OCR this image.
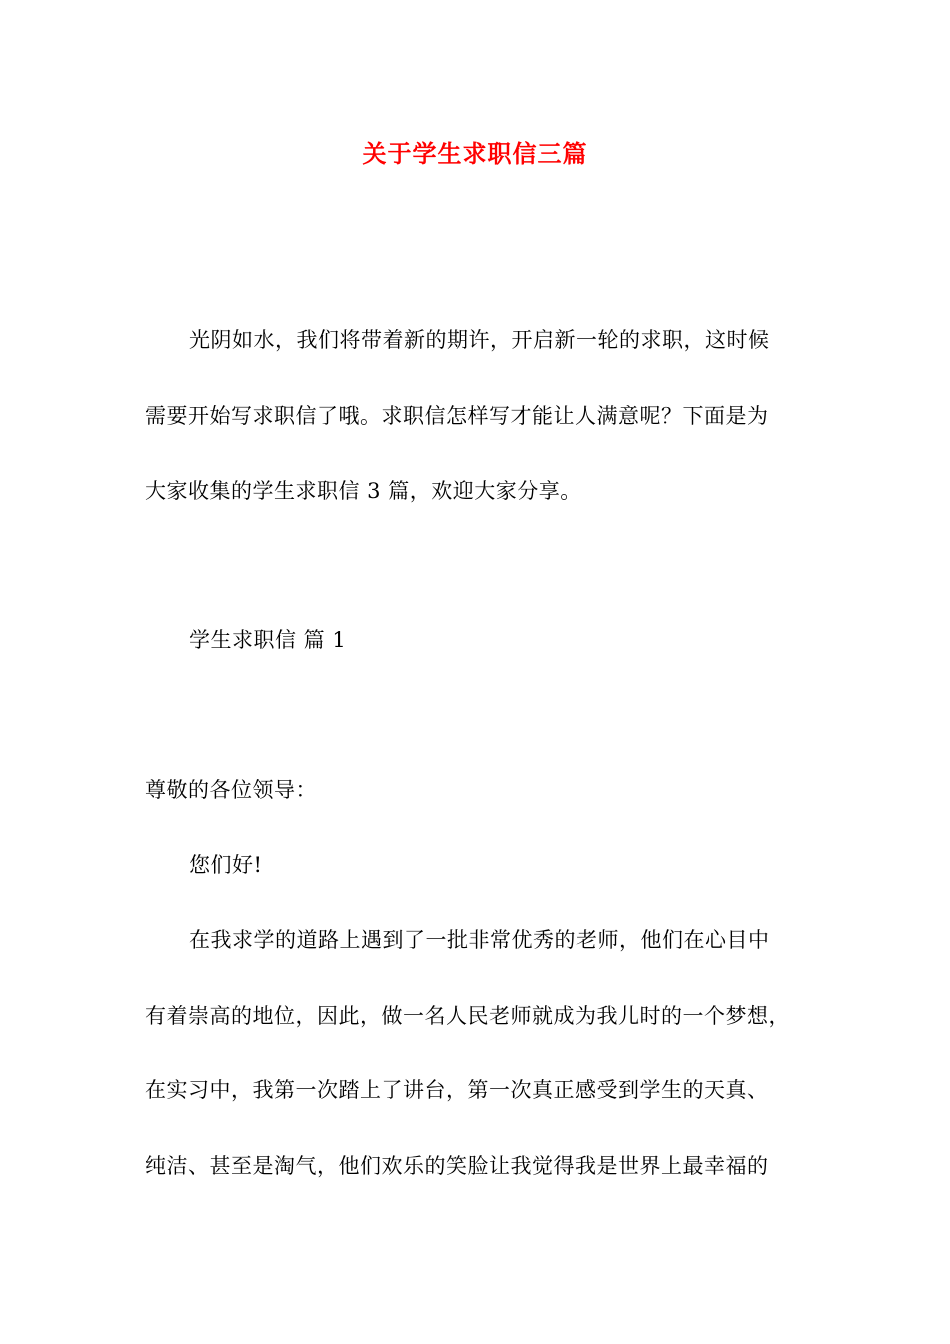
关于学生求职信三篇
光阴如水，我们将带着新的期许，开启新一轮的求职，这时候
需要开始写求职信了哦。求职信怎样写才能让人满意呢？下面是为
大家收集的学生求职信 3 篇，欢迎大家分享。
学生求职信 篇 1
尊敬的各位领导：
您们好!
在我求学的道路上遇到了一批非常优秀的老师，他们在心目中
有着崇高的地位，因此，做一名人民老师就成为我儿时的一个梦想，
在实习中，我第一次踏上了讲台，第一次真正感受到学生的天真、
纯洁、甚至是淘气，他们欢乐的笑脸让我觉得我是世界上最幸福的
